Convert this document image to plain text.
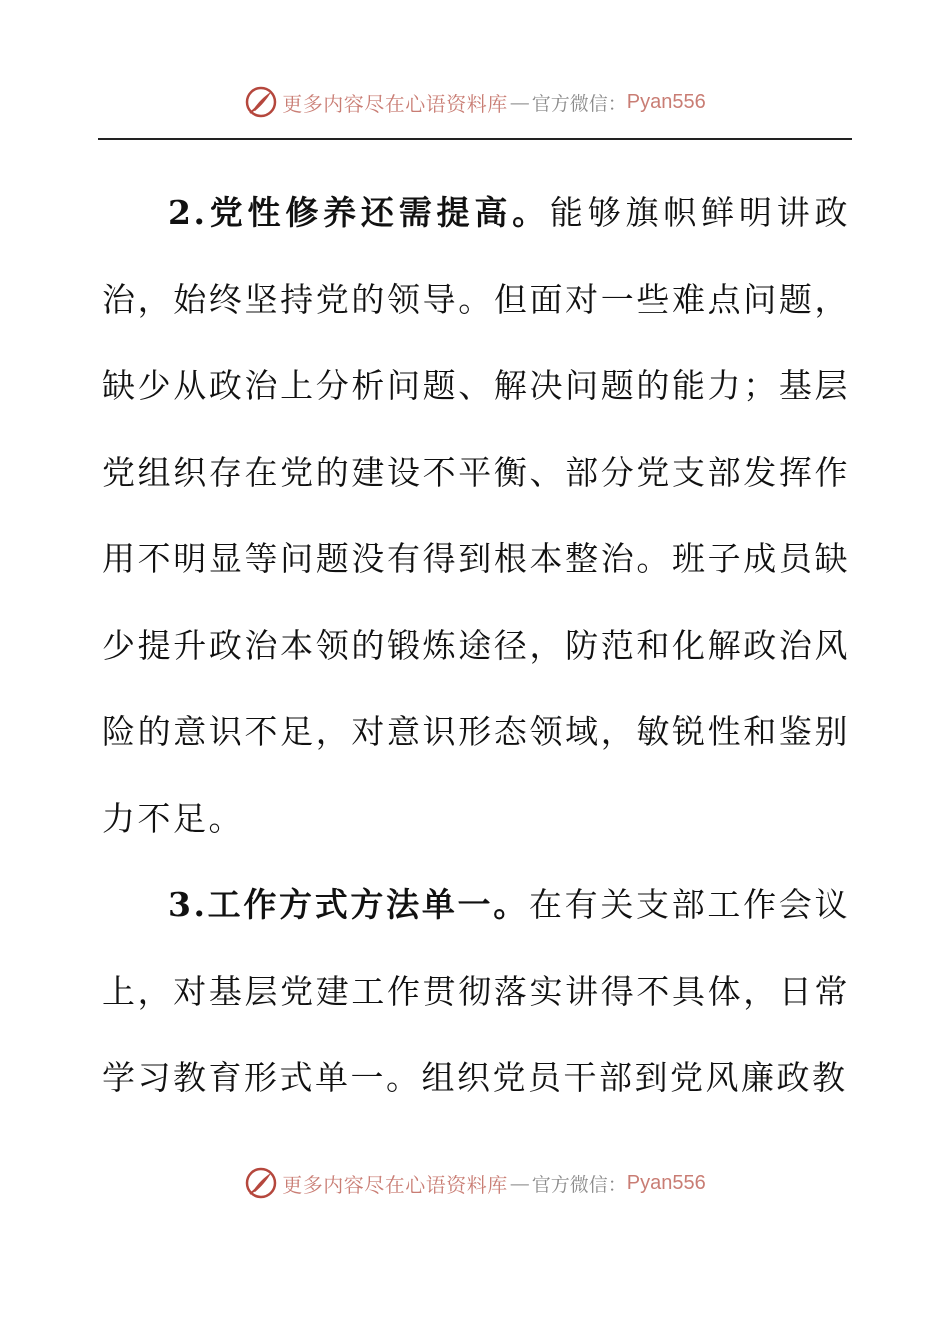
更多内容尽在心语资料库 — 官方微信： Pyan556

2.党性修养还需提高。能够旗帜鲜明讲政治，始终坚持党的领导。但面对一些难点问题，缺少从政治上分析问题、解决问题的能力；基层党组织存在党的建设不平衡、部分党支部发挥作用不明显等问题没有得到根本整治。班子成员缺少提升政治本领的锻炼途径，防范和化解政治风险的意识不足，对意识形态领域，敏锐性和鉴别力不足。

3.工作方式方法单一。在有关支部工作会议上，对基层党建工作贯彻落实讲得不具体，日常学习教育形式单一。组织党员干部到党风廉政教

更多内容尽在心语资料库 — 官方微信： Pyan556
